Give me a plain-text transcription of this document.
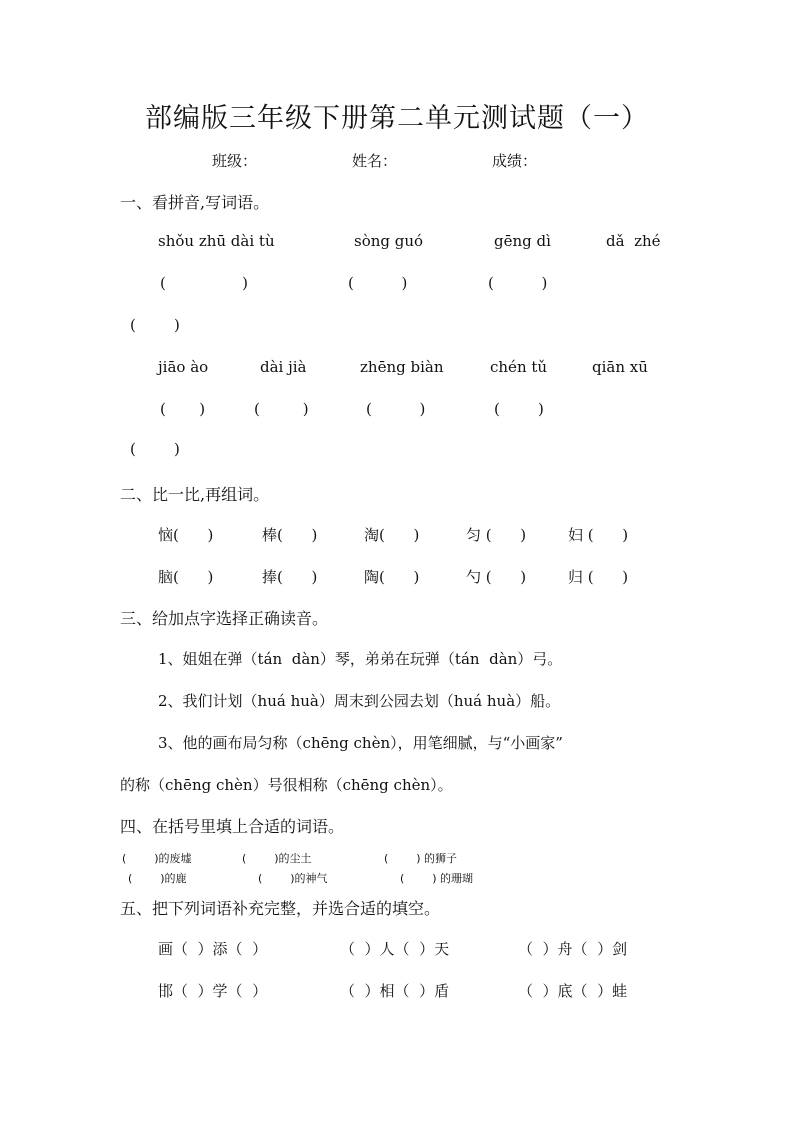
部编版三年级下册第二单元测试题（一）
班级：	姓名：	成绩：
一、看拼音,写词语。
shǒu zhū dài tù	sòng guó	gēng dì	dǎ  zhé
(                )	(          )	(          )
(        )
jiāo ào	dài jià	zhēng biàn	chén tǔ	qiān xū
(       )	(         )	(          )	(        )
(        )
二、比一比,再组词。
恼(      )	棒(      )	淘(      )	匀 (      )	妇 (      )
脑(      )	捧(      )	陶(      )	勺 (      )	归 (      )
三、给加点字选择正确读音。
1、姐姐在弹（tán  dàn）琴，弟弟在玩弹（tán  dàn）弓。
2、我们计划（huá huà）周末到公园去划（huá huà）船。
3、他的画布局匀称（chēng chèn），用笔细腻，与“小画家”
的称（chēng chèn）号很相称（chēng chèn）。
四、在括号里填上合适的词语。
(        )的废墟	(        )的尘土	(        ) 的狮子
(        )的鹿	(        )的神气	(        ) 的珊瑚
五、把下列词语补充完整，并选合适的填空。
画（  ）添（  ）	（  ）人（  ）天	（  ）舟（  ）剑
邯（  ）学（  ）	（  ）相（  ）盾	（  ）底（  ）蛙
